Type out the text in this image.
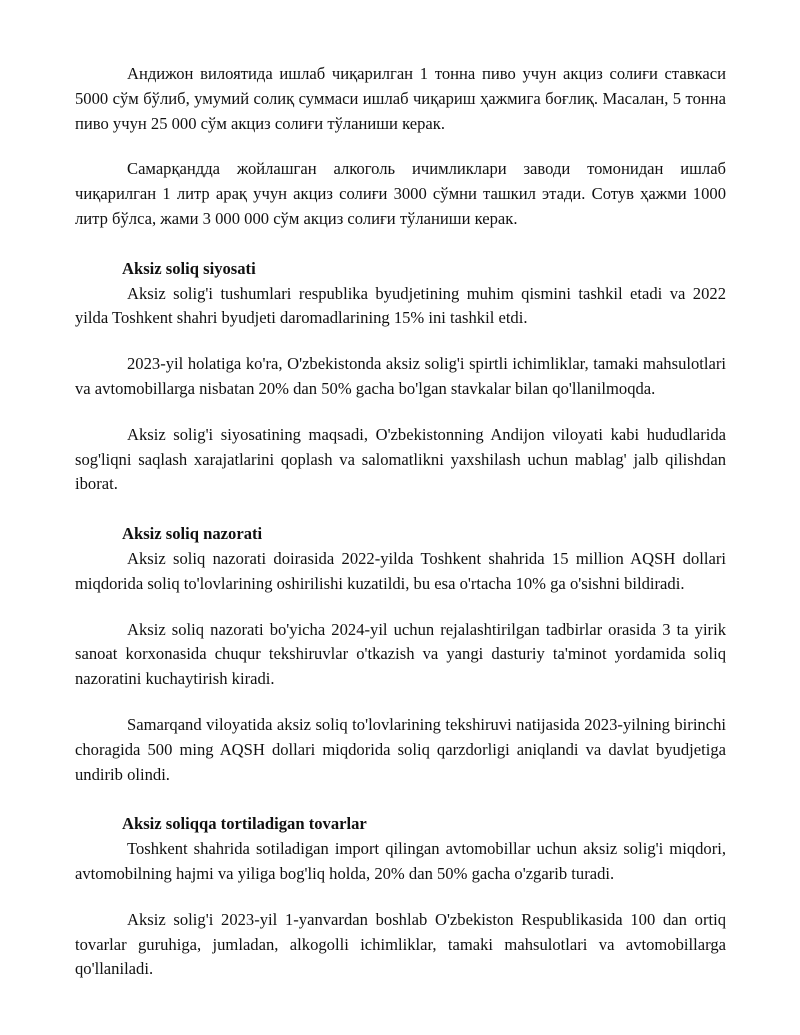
Андижон вилоятида ишлаб чиқарилган 1 тонна пиво учун акциз солиғи ставкаси 5000 сўм бўлиб, умумий солиқ суммаси ишлаб чиқариш ҳажмига боғлиқ. Масалан, 5 тонна пиво учун 25 000 сўм акциз солиғи тўланиши керак.

Самарқандда жойлашган алкоголь ичимликлари заводи томонидан ишлаб чиқарилган 1 литр арақ учун акциз солиғи 3000 сўмни ташкил этади. Сотув ҳажми 1000 литр бўлса, жами 3 000 000 сўм акциз солиғи тўланиши керак.

Aksiz soliq siyosati

Aksiz solig'i tushumlari respublika byudjetining muhim qismini tashkil etadi va 2022 yilda Toshkent shahri byudjeti daromadlarining 15% ini tashkil etdi.

2023-yil holatiga ko'ra, O'zbekistonda aksiz solig'i spirtli ichimliklar, tamaki mahsulotlari va avtomobillarga nisbatan 20% dan 50% gacha bo'lgan stavkalar bilan qo'llanilmoqda.

Aksiz solig'i siyosatining maqsadi, O'zbekistonning Andijon viloyati kabi hududlarida sog'liqni saqlash xarajatlarini qoplash va salomatlikni yaxshilash uchun mablag' jalb qilishdan iborat.

Aksiz soliq nazorati

Aksiz soliq nazorati doirasida 2022-yilda Toshkent shahrida 15 million AQSH dollari miqdorida soliq to'lovlarining oshirilishi kuzatildi, bu esa o'rtacha 10% ga o'sishni bildiradi.

Aksiz soliq nazorati bo'yicha 2024-yil uchun rejalashtirilgan tadbirlar orasida 3 ta yirik sanoat korxonasida chuqur tekshiruvlar o'tkazish va yangi dasturiy ta'minot yordamida soliq nazoratini kuchaytirish kiradi.

Samarqand viloyatida aksiz soliq to'lovlarining tekshiruvi natijasida 2023-yilning birinchi choragida 500 ming AQSH dollari miqdorida soliq qarzdorligi aniqlandi va davlat byudjetiga undirib olindi.

Aksiz soliqqa tortiladigan tovarlar

Toshkent shahrida sotiladigan import qilingan avtomobillar uchun aksiz solig'i miqdori, avtomobilning hajmi va yiliga bog'liq holda, 20% dan 50% gacha o'zgarib turadi.

Aksiz solig'i 2023-yil 1-yanvardan boshlab O'zbekiston Respublikasida 100 dan ortiq tovarlar guruhiga, jumladan, alkogolli ichimliklar, tamaki mahsulotlari va avtomobillarga qo'llaniladi.
